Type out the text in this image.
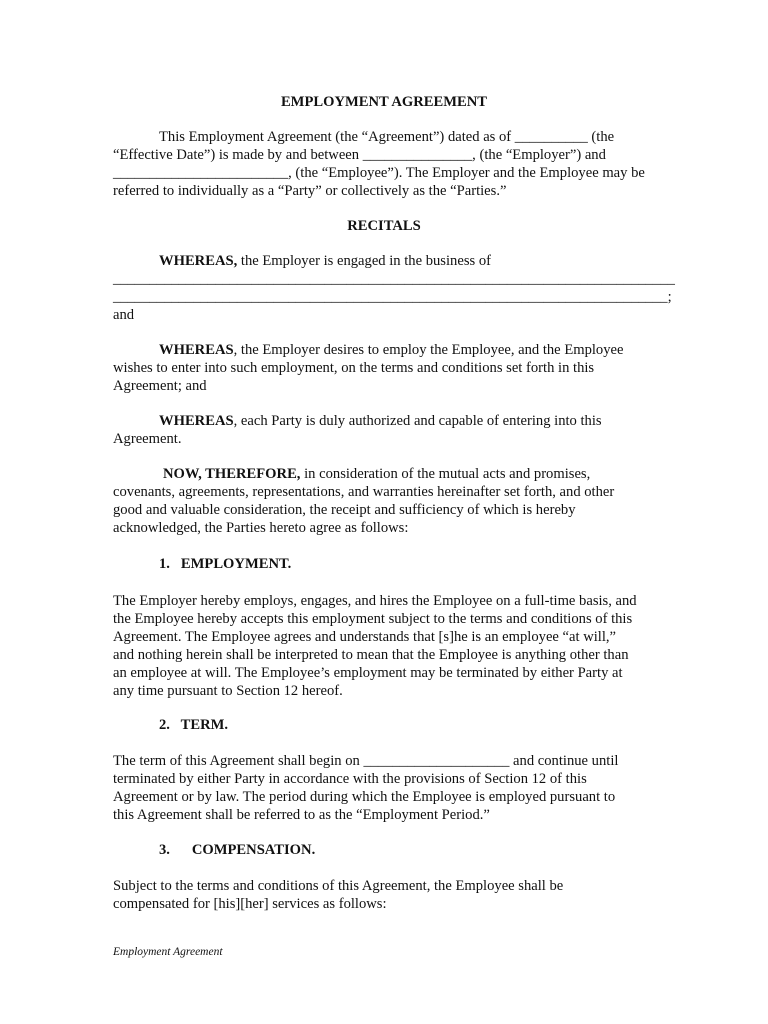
EMPLOYMENT AGREEMENT
This Employment Agreement (the “Agreement”) dated as of __________ (the
“Effective Date”) is made by and between _______________, (the “Employer”) and
________________________, (the “Employee”). The Employer and the Employee may be
referred to individually as a “Party” or collectively as the “Parties.”
RECITALS
WHEREAS, the Employer is engaged in the business of
_____________________________________________________________________________
____________________________________________________________________________;
and
WHEREAS, the Employer desires to employ the Employee, and the Employee
wishes to enter into such employment, on the terms and conditions set forth in this
Agreement; and
WHEREAS, each Party is duly authorized and capable of entering into this
Agreement.
NOW, THEREFORE, in consideration of the mutual acts and promises,
covenants, agreements, representations, and warranties hereinafter set forth, and other
good and valuable consideration, the receipt and sufficiency of which is hereby
acknowledged, the Parties hereto agree as follows:
1.   EMPLOYMENT.
The Employer hereby employs, engages, and hires the Employee on a full-time basis, and
the Employee hereby accepts this employment subject to the terms and conditions of this
Agreement. The Employee agrees and understands that [s]he is an employee “at will,”
and nothing herein shall be interpreted to mean that the Employee is anything other than
an employee at will. The Employee’s employment may be terminated by either Party at
any time pursuant to Section 12 hereof.
2.   TERM.
The term of this Agreement shall begin on ____________________ and continue until
terminated by either Party in accordance with the provisions of Section 12 of this
Agreement or by law. The period during which the Employee is employed pursuant to
this Agreement shall be referred to as the “Employment Period.”
3.      COMPENSATION.
Subject to the terms and conditions of this Agreement, the Employee shall be
compensated for [his][her] services as follows:
Employment Agreement
